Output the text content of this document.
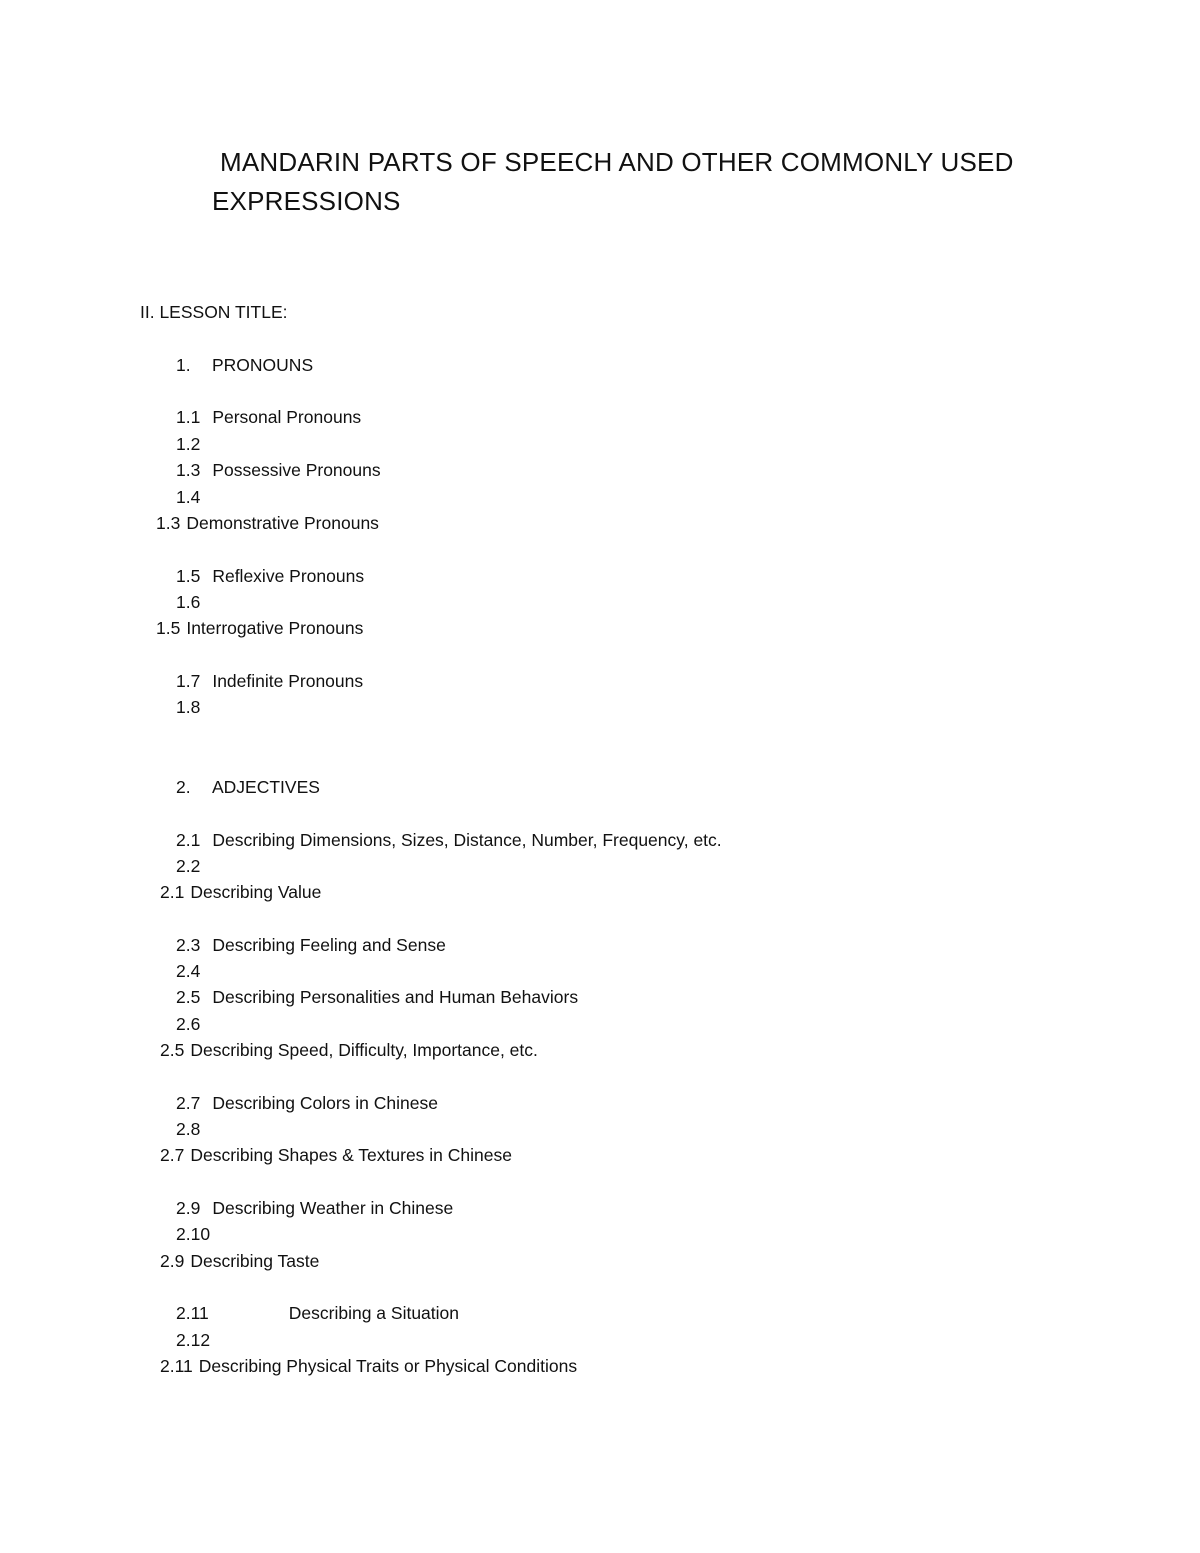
MANDARIN PARTS OF SPEECH AND OTHER COMMONLY USED
EXPRESSIONS
II. LESSON TITLE:
1. PRONOUNS
1.1 Personal Pronouns
1.2
1.3 Possessive Pronouns
1.4
1.3 Demonstrative Pronouns
1.5 Reflexive Pronouns
1.6
1.5 Interrogative Pronouns
1.7 Indefinite Pronouns
1.8
2. ADJECTIVES
2.1 Describing Dimensions, Sizes, Distance, Number, Frequency, etc.
2.2
2.1 Describing Value
2.3 Describing Feeling and Sense
2.4
2.5 Describing Personalities and Human Behaviors
2.6
2.5 Describing Speed, Difficulty, Importance, etc.
2.7 Describing Colors in Chinese
2.8
2.7 Describing Shapes & Textures in Chinese
2.9 Describing Weather in Chinese
2.10
2.9 Describing Taste
2.11	Describing a Situation
2.12
2.11 Describing Physical Traits or Physical Conditions
